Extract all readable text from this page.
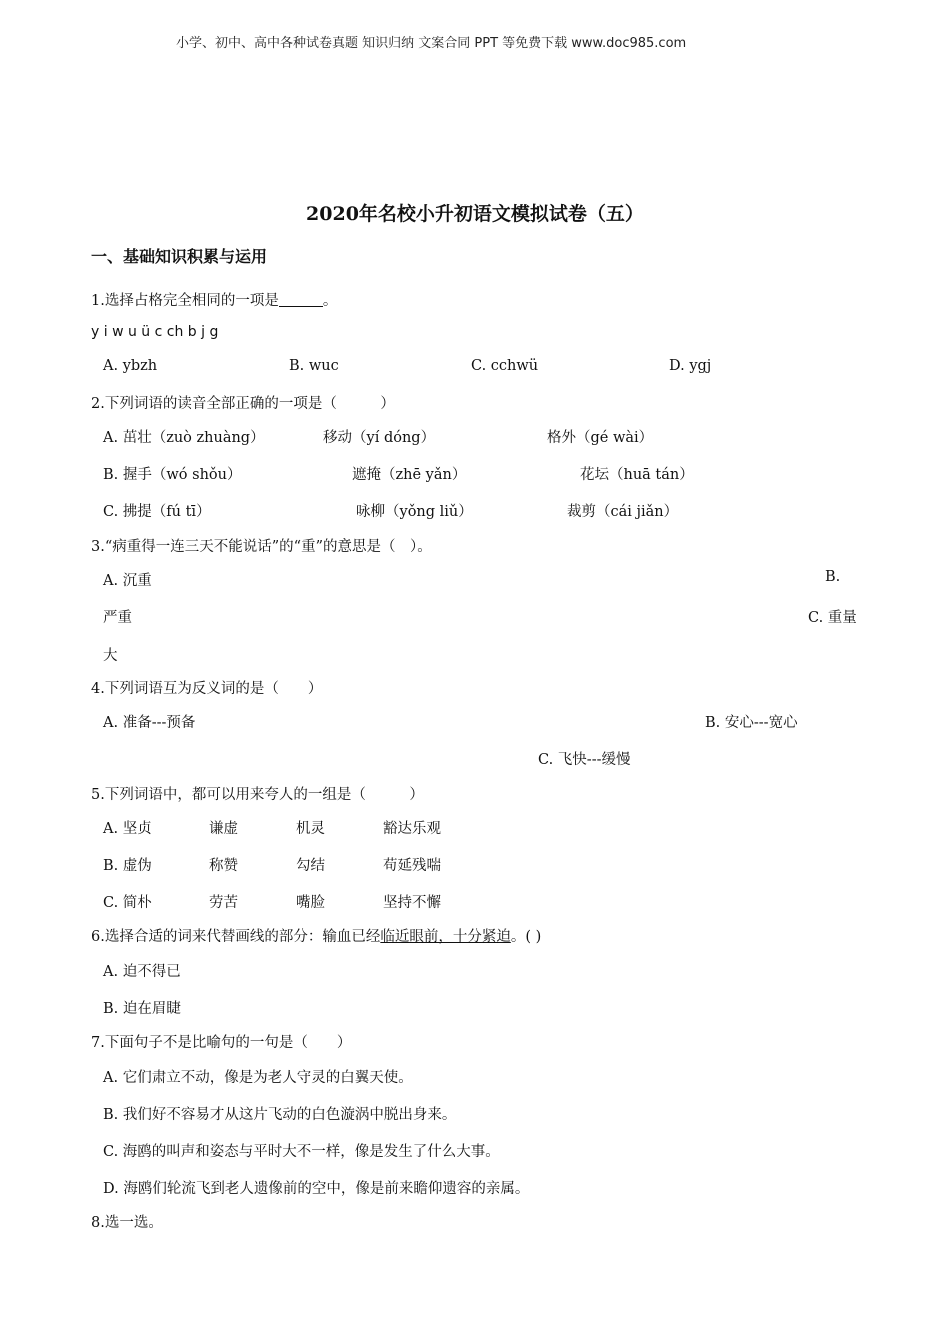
小学、初中、高中各种试卷真题 知识归纳 文案合同 PPT 等免费下载 www.doc985.com
2020年名校小升初语文模拟试卷（五）
一、基础知识积累与运用
1.选择占格完全相同的一项是	。
y i w u ü c ch b j g
A. ybzh	B. wuc	C. cchwü	D. ygj
2.下列词语的读音全部正确的一项是（　　　）
A. 茁壮（zuò zhuàng）	移动（yí dóng）	格外（gé wài）
B. 握手（wó shǒu）	遮掩（zhē yǎn）	花坛（huā tán）
C. 拂提（fú tī）	咏柳（yǒng liǔ）	裁剪（cái jiǎn）
3.“病重得一连三天不能说话”的“重”的意思是（　）。
A. 沉重	B.
严重	C. 重量
大
4.下列词语互为反义词的是（　　）
A. 准备---预备	B. 安心---宽心
C. 飞快---缓慢
5.下列词语中，都可以用来夸人的一组是（　　　）
A. 坚贞	谦虚	机灵	豁达乐观
B. 虚伪	称赞	勾结	苟延残喘
C. 简朴	劳苦	嘴脸	坚持不懈
6.选择合适的词来代替画线的部分：输血已经临近眼前，十分紧迫。( )
A. 迫不得已
B. 迫在眉睫
7.下面句子不是比喻句的一句是（　　）
A. 它们肃立不动，像是为老人守灵的白翼天使。
B. 我们好不容易才从这片飞动的白色漩涡中脱出身来。
C. 海鸥的叫声和姿态与平时大不一样，像是发生了什么大事。
D. 海鸥们轮流飞到老人遗像前的空中，像是前来瞻仰遗容的亲属。
8.选一选。
